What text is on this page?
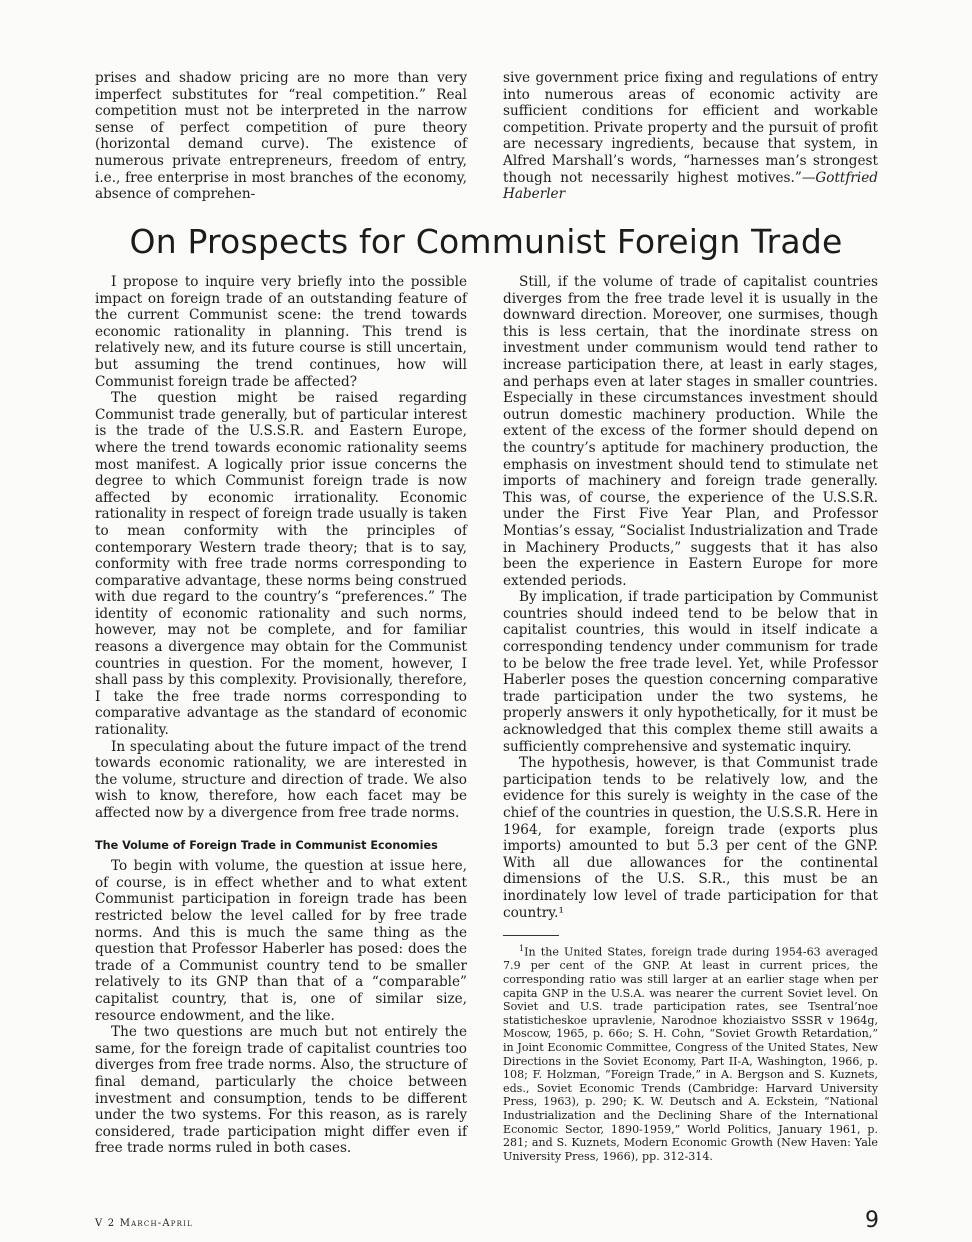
prises and shadow pricing are no more than very imperfect substitutes for “real competition.” Real competition must not be interpreted in the narrow sense of perfect competition of pure theory (horizontal demand curve). The existence of numerous private entrepreneurs, freedom of entry, i.e., free enterprise in most branches of the economy, absence of comprehen-

sive government price fixing and regulations of entry into numerous areas of economic activity are sufficient conditions for efficient and workable competition. Private property and the pursuit of profit are necessary ingredients, because that system, in Alfred Marshall’s words, “harnesses man’s strongest though not necessarily highest motives.”—Gottfried Haberler

On Prospects for Communist Foreign Trade

I propose to inquire very briefly into the possible impact on foreign trade of an outstanding feature of the current Communist scene: the trend towards economic rationality in planning. This trend is relatively new, and its future course is still uncertain, but assuming the trend continues, how will Communist foreign trade be affected?

The question might be raised regarding Communist trade generally, but of particular interest is the trade of the U.S.S.R. and Eastern Europe, where the trend towards economic rationality seems most manifest. A logically prior issue concerns the degree to which Communist foreign trade is now affected by economic irrationality. Economic rationality in respect of foreign trade usually is taken to mean conformity with the principles of contemporary Western trade theory; that is to say, conformity with free trade norms corresponding to comparative advantage, these norms being construed with due regard to the country’s “preferences.” The identity of economic rationality and such norms, however, may not be complete, and for familiar reasons a divergence may obtain for the Communist countries in question. For the moment, however, I shall pass by this complexity. Provisionally, therefore, I take the free trade norms corresponding to comparative advantage as the standard of economic rationality.

In speculating about the future impact of the trend towards economic rationality, we are interested in the volume, structure and direction of trade. We also wish to know, therefore, how each facet may be affected now by a divergence from free trade norms.

The Volume of Foreign Trade in Communist Economies

To begin with volume, the question at issue here, of course, is in effect whether and to what extent Communist participation in foreign trade has been restricted below the level called for by free trade norms. And this is much the same thing as the question that Professor Haberler has posed: does the trade of a Communist country tend to be smaller relatively to its GNP than that of a “comparable” capitalist country, that is, one of similar size, resource endowment, and the like.

The two questions are much but not entirely the same, for the foreign trade of capitalist countries too diverges from free trade norms. Also, the structure of final demand, particularly the choice between investment and consumption, tends to be different under the two systems. For this reason, as is rarely considered, trade participation might differ even if free trade norms ruled in both cases.

Still, if the volume of trade of capitalist countries diverges from the free trade level it is usually in the downward direction. Moreover, one surmises, though this is less certain, that the inordinate stress on investment under communism would tend rather to increase participation there, at least in early stages, and perhaps even at later stages in smaller countries. Especially in these circumstances investment should outrun domestic machinery production. While the extent of the excess of the former should depend on the country’s aptitude for machinery production, the emphasis on investment should tend to stimulate net imports of machinery and foreign trade generally. This was, of course, the experience of the U.S.S.R. under the First Five Year Plan, and Professor Montias’s essay, “Socialist Industrialization and Trade in Machinery Products,” suggests that it has also been the experience in Eastern Europe for more extended periods.

By implication, if trade participation by Communist countries should indeed tend to be below that in capitalist countries, this would in itself indicate a corresponding tendency under communism for trade to be below the free trade level. Yet, while Professor Haberler poses the question concerning comparative trade participation under the two systems, he properly answers it only hypothetically, for it must be acknowledged that this complex theme still awaits a sufficiently comprehensive and systematic inquiry.

The hypothesis, however, is that Communist trade participation tends to be relatively low, and the evidence for this surely is weighty in the case of the chief of the countries in question, the U.S.S.R. Here in 1964, for example, foreign trade (exports plus imports) amounted to but 5.3 per cent of the GNP. With all due allowances for the continental dimensions of the U.S. S.R., this must be an inordinately low level of trade participation for that country.¹

$^1$In the United States, foreign trade during 1954-63 averaged 7.9 per cent of the GNP. At least in current prices, the corresponding ratio was still larger at an earlier stage when per capita GNP in the U.S.A. was nearer the current Soviet level. On Soviet and U.S. trade participation rates, see Tsentral’noe statisticheskoe upravlenie, Narodnoe khoziaistvo SSSR v 1964g, Moscow, 1965, p. 66o; S. H. Cohn, “Soviet Growth Retardation,” in Joint Economic Committee, Congress of the United States, New Directions in the Soviet Economy, Part II-A, Washington, 1966, p. 108; F. Holzman, “Foreign Trade,” in A. Bergson and S. Kuznets, eds., Soviet Economic Trends (Cambridge: Harvard University Press, 1963), p. 290; K. W. Deutsch and A. Eckstein, “National Industrialization and the Declining Share of the International Economic Sector, 1890-1959,” World Politics, January 1961, p. 281; and S. Kuznets, Modern Economic Growth (New Haven: Yale University Press, 1966), pp. 312-314.

V 2 March-April	9
